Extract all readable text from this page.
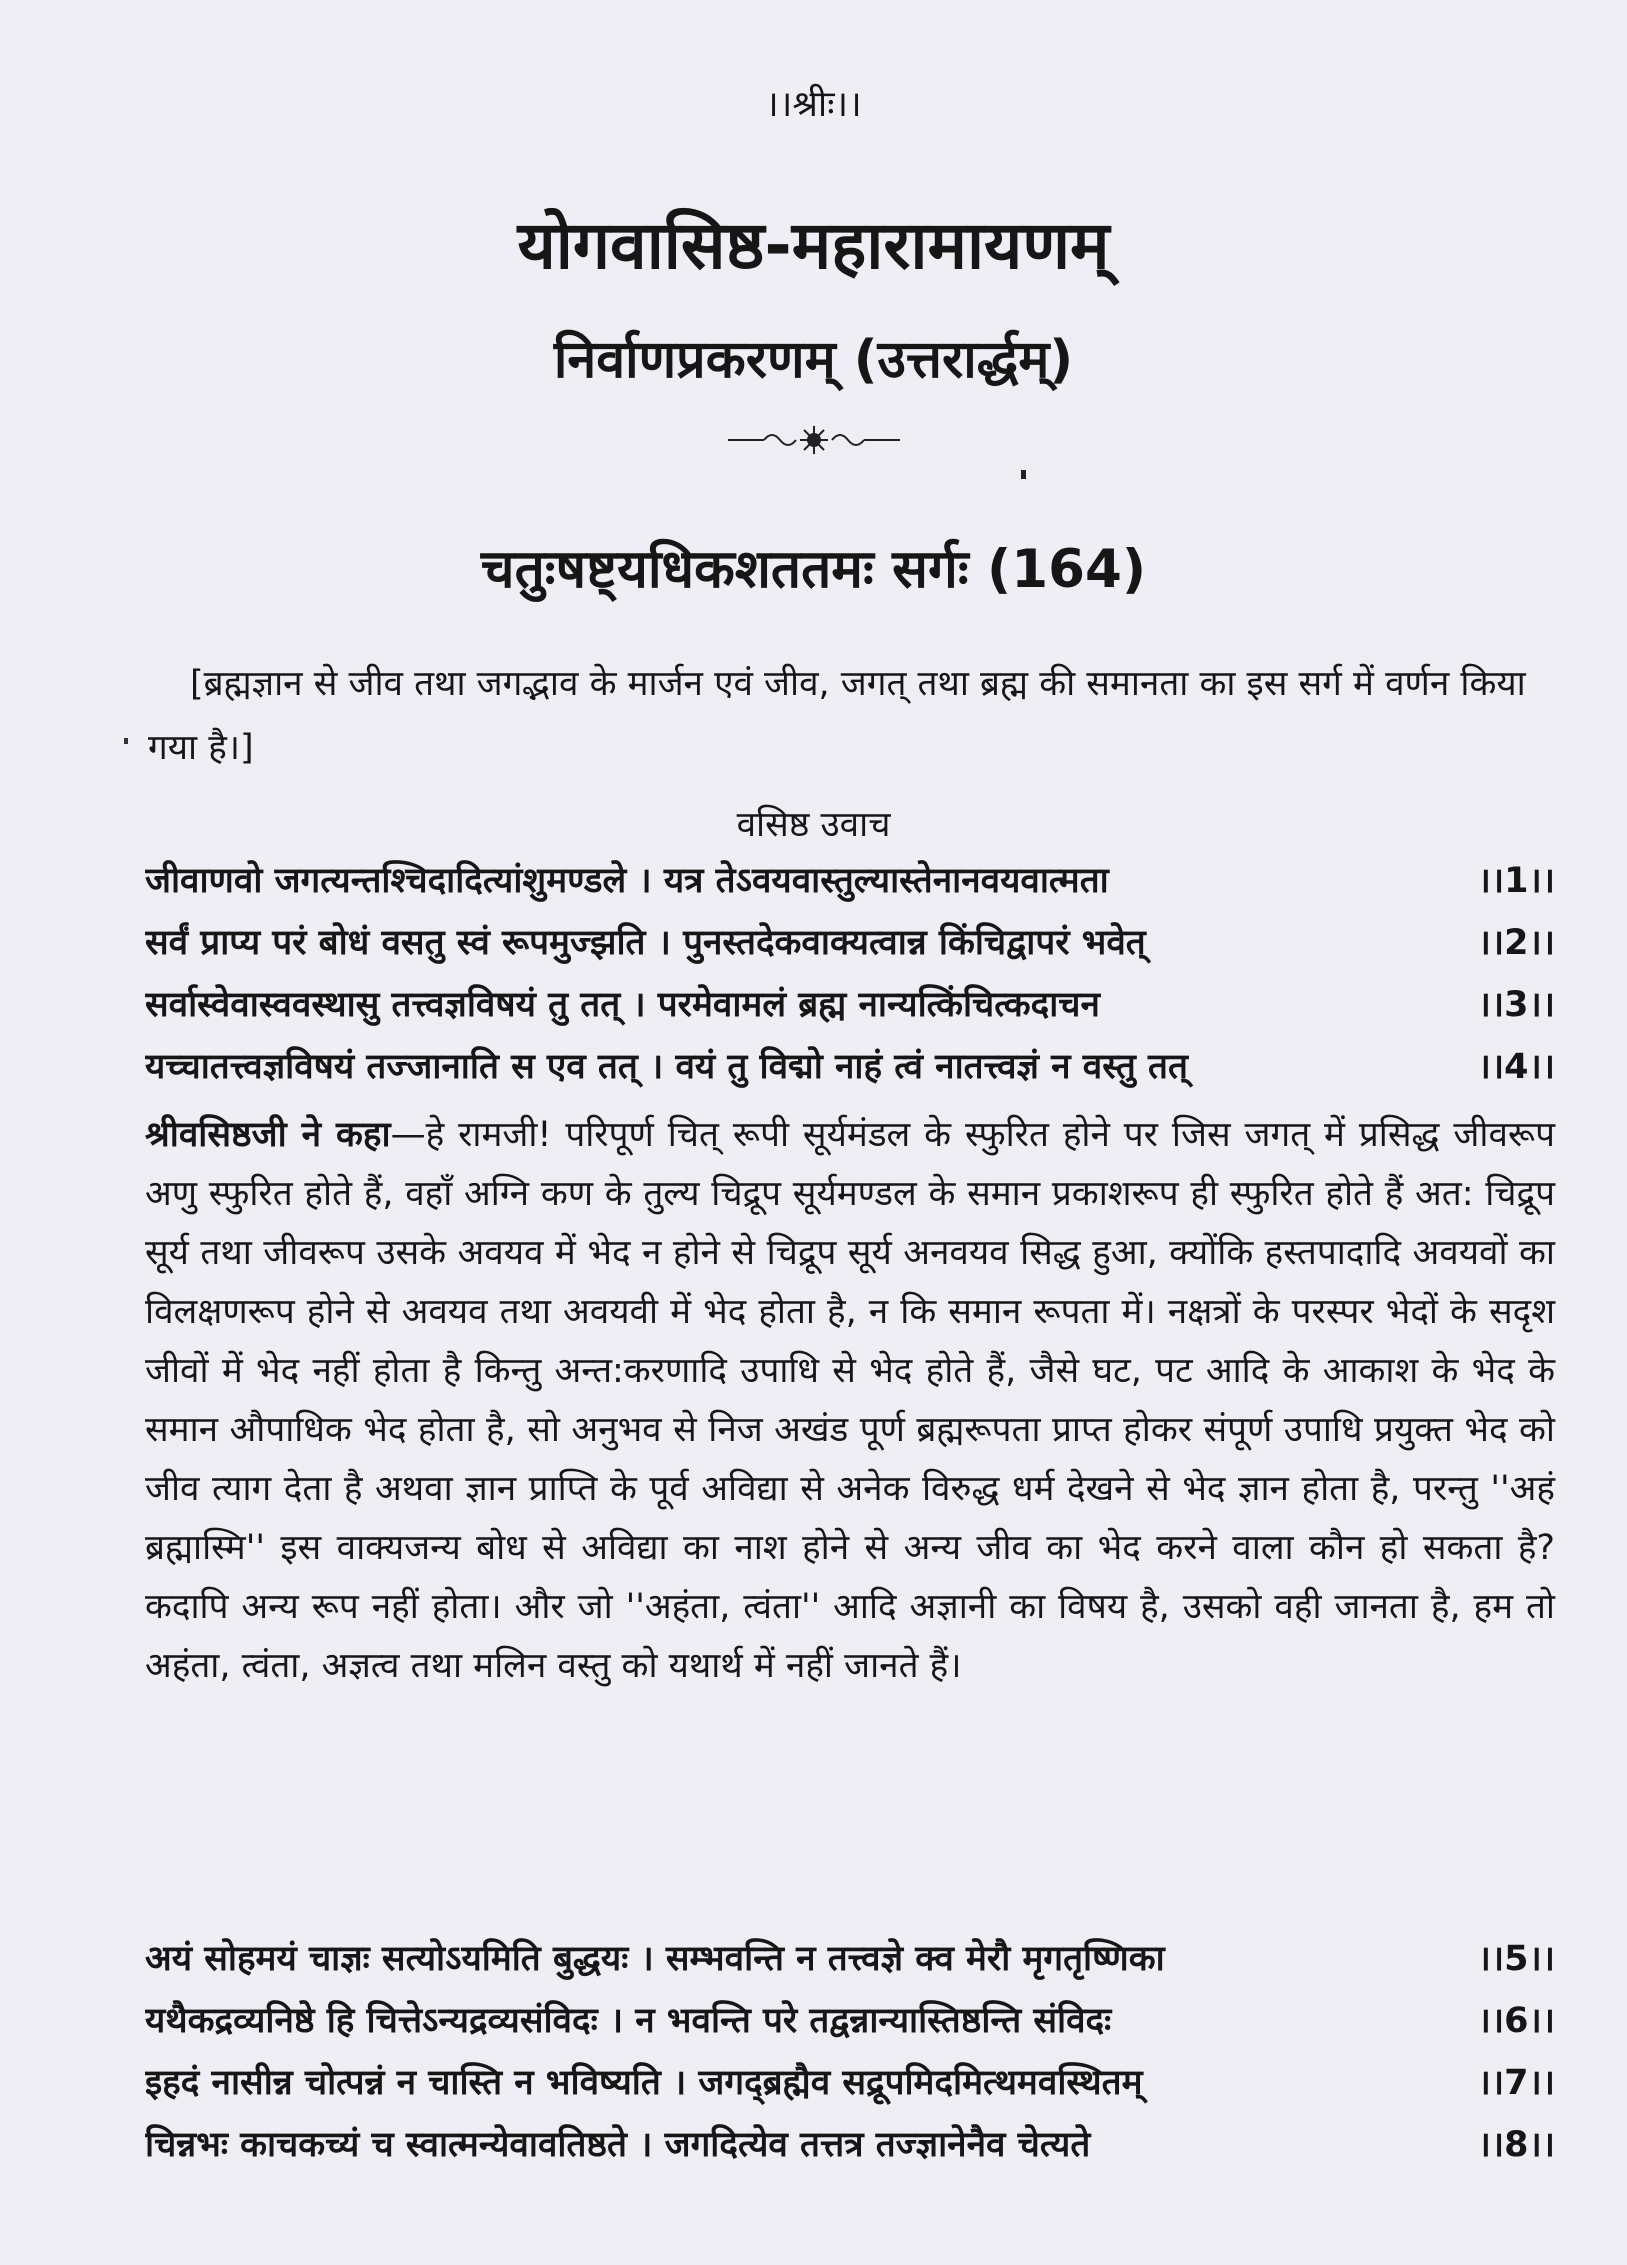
।।श्रीः।।
योगवासिष्ठ-महारामायणम्
निर्वाणप्रकरणम् (उत्तरार्द्धम्)
चतुःषष्ट्यधिकशततमः सर्गः (164)
[ब्रह्मज्ञान से जीव तथा जगद्भाव के मार्जन एवं जीव, जगत् तथा ब्रह्म की समानता का इस सर्ग में वर्णन किया गया है।]
वसिष्ठ उवाच
जीवाणवो जगत्यन्तश्चिदादित्यांशुमण्डले । यत्र तेऽवयवास्तुल्यास्तेनानवयवात्मता	।।1।।
सर्वं प्राप्य परं बोधं वसतु स्वं रूपमुज्झति । पुनस्तदेकवाक्यत्वान्न किंचिद्वापरं भवेत्	।।2।।
सर्वास्वेवास्ववस्थासु तत्त्वज्ञविषयं तु तत् । परमेवामलं ब्रह्म नान्यत्किंचित्कदाचन	।।3।।
यच्चातत्त्वज्ञविषयं तज्जानाति स एव तत् । वयं तु विद्मो नाहं त्वं नातत्त्वज्ञं न वस्तु तत्	।।4।।
श्रीवसिष्ठजी ने कहा—हे रामजी! परिपूर्ण चित् रूपी सूर्यमंडल के स्फुरित होने पर जिस जगत् में प्रसिद्ध जीवरूप अणु स्फुरित होते हैं, वहाँ अग्नि कण के तुल्य चिद्रूप सूर्यमण्डल के समान प्रकाशरूप ही स्फुरित होते हैं अत: चिद्रूप सूर्य तथा जीवरूप उसके अवयव में भेद न होने से चिद्रूप सूर्य अनवयव सिद्ध हुआ, क्योंकि हस्तपादादि अवयवों का विलक्षणरूप होने से अवयव तथा अवयवी में भेद होता है, न कि समान रूपता में। नक्षत्रों के परस्पर भेदों के सदृश जीवों में भेद नहीं होता है किन्तु अन्त:करणादि उपाधि से भेद होते हैं, जैसे घट, पट आदि के आकाश के भेद के समान औपाधिक भेद होता है, सो अनुभव से निज अखंड पूर्ण ब्रह्मरूपता प्राप्त होकर संपूर्ण उपाधि प्रयुक्त भेद को जीव त्याग देता है अथवा ज्ञान प्राप्ति के पूर्व अविद्या से अनेक विरुद्ध धर्म देखने से भेद ज्ञान होता है, परन्तु ''अहं ब्रह्मास्मि'' इस वाक्यजन्य बोध से अविद्या का नाश होने से अन्य जीव का भेद करने वाला कौन हो सकता है? कदापि अन्य रूप नहीं होता। और जो ''अहंता, त्वंता'' आदि अज्ञानी का विषय है, उसको वही जानता है, हम तो अहंता, त्वंता, अज्ञत्व तथा मलिन वस्तु को यथार्थ में नहीं जानते हैं।
अयं सोहमयं चाज्ञः सत्योऽयमिति बुद्धयः । सम्भवन्ति न तत्त्वज्ञे क्व मेरौ मृगतृष्णिका	।।5।।
यथैकद्रव्यनिष्ठे हि चित्तेऽन्यद्रव्यसंविदः । न भवन्ति परे तद्वन्नान्यास्तिष्ठन्ति संविदः	।।6।।
इहदं नासीन्न चोत्पन्नं न चास्ति न भविष्यति । जगद्ब्रह्मैव सद्रूपमिदमित्थमवस्थितम्	।।7।।
चिन्नभः काचकच्यं च स्वात्मन्येवावतिष्ठते । जगदित्येव तत्तत्र तज्ज्ञानेनैव चेत्यते	।।8।।
